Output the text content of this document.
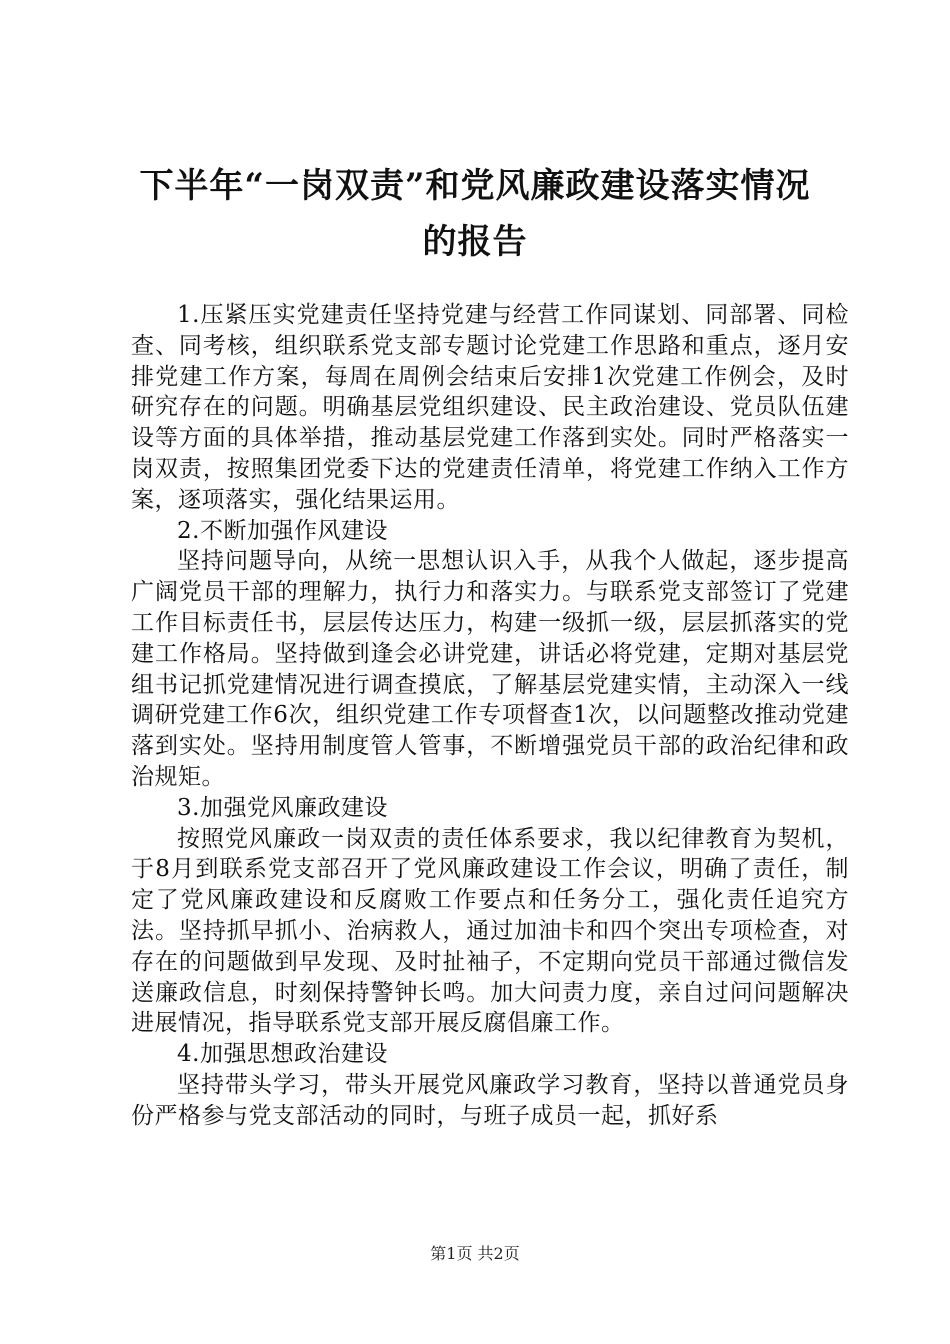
下半年“一岗双责”和党风廉政建设落实情况
的报告

1.压紧压实党建责任坚持党建与经营工作同谋划、同部署、同检查、同考核，组织联系党支部专题讨论党建工作思路和重点，逐月安排党建工作方案，每周在周例会结束后安排1次党建工作例会，及时研究存在的问题。明确基层党组织建设、民主政治建设、党员队伍建设等方面的具体举措，推动基层党建工作落到实处。同时严格落实一岗双责，按照集团党委下达的党建责任清单，将党建工作纳入工作方案，逐项落实，强化结果运用。

2.不断加强作风建设

坚持问题导向，从统一思想认识入手，从我个人做起，逐步提高广阔党员干部的理解力，执行力和落实力。与联系党支部签订了党建工作目标责任书，层层传达压力，构建一级抓一级，层层抓落实的党建工作格局。坚持做到逢会必讲党建，讲话必将党建，定期对基层党组书记抓党建情况进行调查摸底，了解基层党建实情，主动深入一线调研党建工作6次，组织党建工作专项督查1次，以问题整改推动党建落到实处。坚持用制度管人管事，不断增强党员干部的政治纪律和政治规矩。

3.加强党风廉政建设

按照党风廉政一岗双责的责任体系要求，我以纪律教育为契机，于8月到联系党支部召开了党风廉政建设工作会议，明确了责任，制定了党风廉政建设和反腐败工作要点和任务分工，强化责任追究方法。坚持抓早抓小、治病救人，通过加油卡和四个突出专项检查，对存在的问题做到早发现、及时扯袖子，不定期向党员干部通过微信发送廉政信息，时刻保持警钟长鸣。加大问责力度，亲自过问问题解决进展情况，指导联系党支部开展反腐倡廉工作。

4.加强思想政治建设

坚持带头学习，带头开展党风廉政学习教育，坚持以普通党员身份严格参与党支部活动的同时，与班子成员一起，抓好系

第1页 共2页
